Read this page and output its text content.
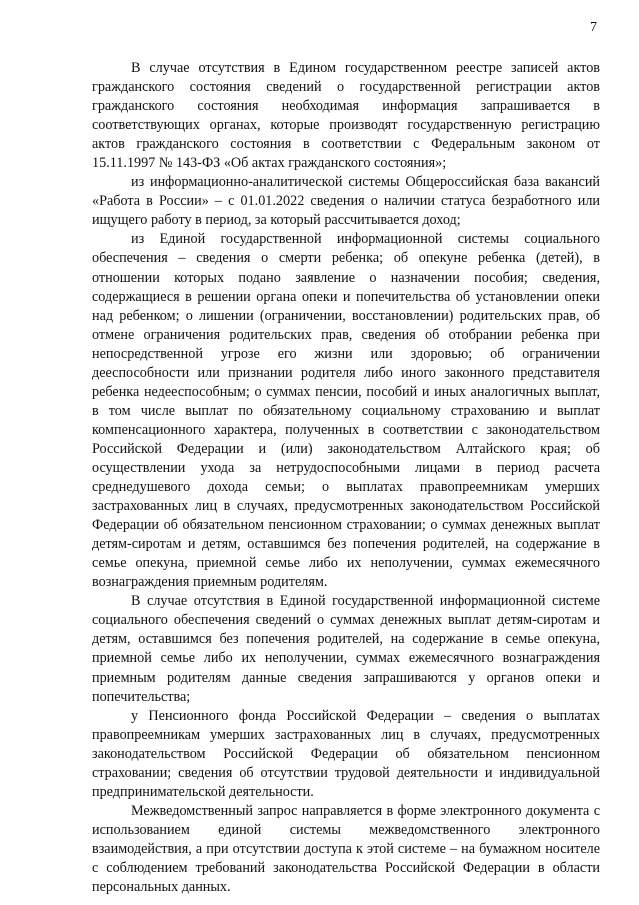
7

В случае отсутствия в Едином государственном реестре записей актов гражданского состояния сведений о государственной регистрации актов гражданского состояния необходимая информация запрашивается в соответствующих органах, которые производят государственную регистрацию актов гражданского состояния в соответствии с Федеральным законом от 15.11.1997 № 143-ФЗ «Об актах гражданского состояния»;

из информационно-аналитической системы Общероссийская база вакансий «Работа в России» – с 01.01.2022 сведения о наличии статуса безработного или ищущего работу в период, за который рассчитывается доход;

из Единой государственной информационной системы социального обеспечения – сведения о смерти ребенка; об опекуне ребенка (детей), в отношении которых подано заявление о назначении пособия; сведения, содержащиеся в решении органа опеки и попечительства об установлении опеки над ребенком; о лишении (ограничении, восстановлении) родительских прав, об отмене ограничения родительских прав, сведения об отобрании ребенка при непосредственной угрозе его жизни или здоровью; об ограничении дееспособности или признании родителя либо иного законного представителя ребенка недееспособным; о суммах пенсии, пособий и иных аналогичных выплат, в том числе выплат по обязательному социальному страхованию и выплат компенсационного характера, полученных в соответствии с законодательством Российской Федерации и (или) законодательством Алтайского края; об осуществлении ухода за нетрудоспособными лицами в период расчета среднедушевого дохода семьи; о выплатах правопреемникам умерших застрахованных лиц в случаях, предусмотренных законодательством Российской Федерации об обязательном пенсионном страховании; о суммах денежных выплат детям-сиротам и детям, оставшимся без попечения родителей, на содержание в семье опекуна, приемной семье либо их неполучении, суммах ежемесячного вознаграждения приемным родителям.

В случае отсутствия в Единой государственной информационной системе социального обеспечения сведений о суммах денежных выплат детям-сиротам и детям, оставшимся без попечения родителей, на содержание в семье опекуна, приемной семье либо их неполучении, суммах ежемесячного вознаграждения приемным родителям данные сведения запрашиваются у органов опеки и попечительства;

у Пенсионного фонда Российской Федерации – сведения о выплатах правопреемникам умерших застрахованных лиц в случаях, предусмотренных законодательством Российской Федерации об обязательном пенсионном страховании; сведения об отсутствии трудовой деятельности и индивидуальной предпринимательской деятельности.

Межведомственный запрос направляется в форме электронного документа с использованием единой системы межведомственного электронного взаимодействия, а при отсутствии доступа к этой системе – на бумажном носителе с соблюдением требований законодательства Российской Федерации в области персональных данных.
